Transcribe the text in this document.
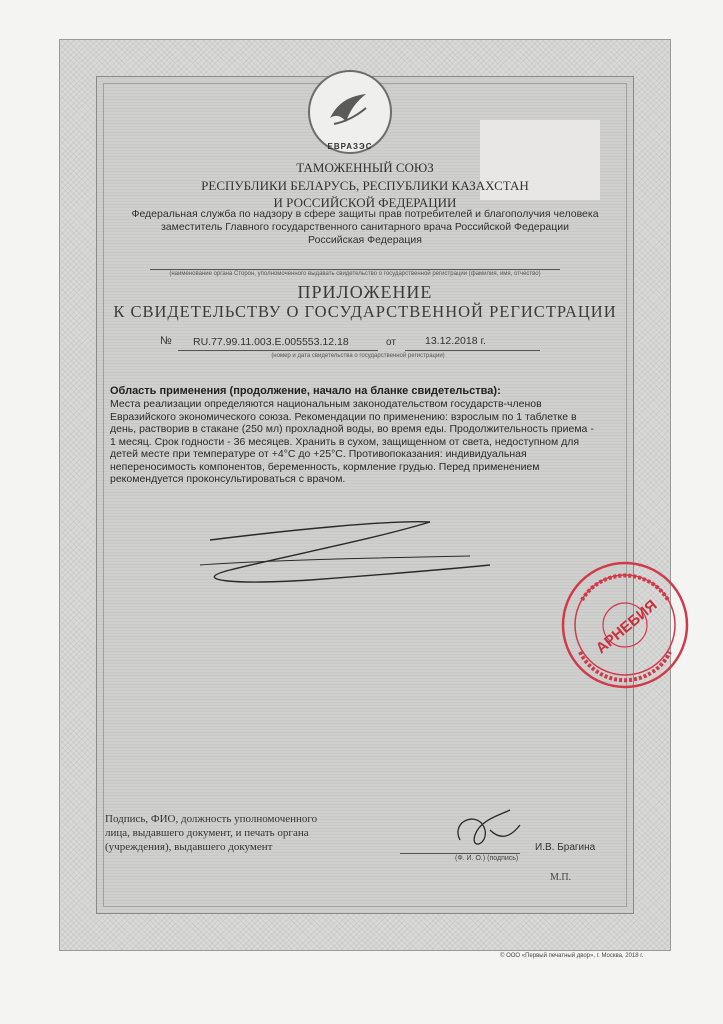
ЕВРАЗЭС
ТАМОЖЕННЫЙ СОЮЗ
РЕСПУБЛИКИ БЕЛАРУСЬ, РЕСПУБЛИКИ КАЗАХСТАН
И РОССИЙСКОЙ ФЕДЕРАЦИИ
Федеральная служба по надзору в сфере защиты прав потребителей и благополучия человека
заместитель Главного государственного санитарного врача Российской Федерации
Российская Федерация
(наименование органа Сторон, уполномоченного выдавать свидетельство о государственной регистрации (фамилия, имя, отчество)
ПРИЛОЖЕНИЕ
К СВИДЕТЕЛЬСТВУ О ГОСУДАРСТВЕННОЙ РЕГИСТРАЦИИ
№ RU.77.99.11.003.E.005553.12.18	от	13.12.2018 г.
(номер и дата свидетельства о государственной регистрации)
Область применения (продолжение, начало на бланке свидетельства):
Места реализации определяются национальным законодательством государств-членов
Евразийского экономического союза. Рекомендации по применению: взрослым по 1 таблетке в
день, растворив в стакане (250 мл) прохладной воды, во время еды. Продолжительность приема -
1 месяц. Срок годности - 36 месяцев. Хранить в сухом, защищенном от света, недоступном для
детей месте при температуре от +4°С до +25°С. Противопоказания: индивидуальная
непереносимость компонентов, беременность, кормление грудью. Перед применением
рекомендуется проконсультироваться с врачом.
АРНЕБИЯ
Подпись, ФИО, должность уполномоченного
лица, выдавшего документ, и печать органа
(учреждения), выдавшего документ	И.В. Брагина
(Ф. И. О.) (подпись)
М.П.
© ООО «Первый печатный двор», г. Москва, 2018 г.
